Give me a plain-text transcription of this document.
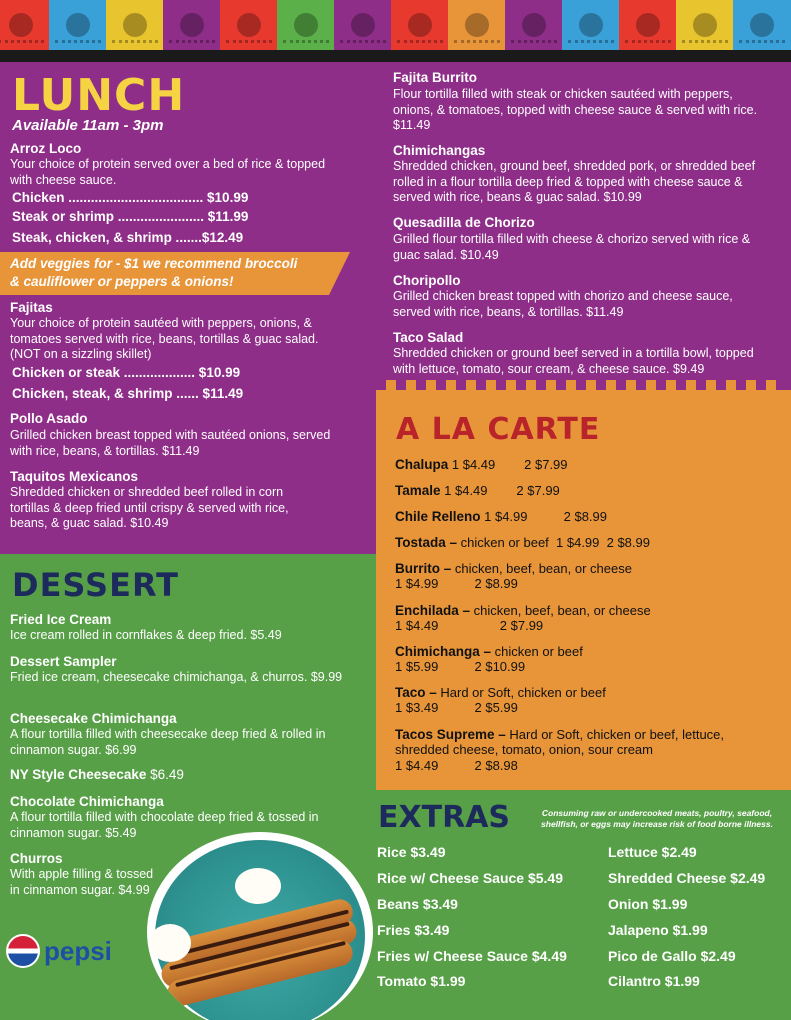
LUNCH
Available 11am - 3pm
Arroz Loco
Your choice of protein served over a bed of rice & topped with cheese sauce.
Chicken .................................... $10.99
Steak or shrimp ....................... $11.99
Steak, chicken, & shrimp .......$12.49
Add veggies for - $1 we recommend broccoli
& cauliflower or peppers & onions!
Fajitas
Your choice of protein sautéed with peppers, onions, & tomatoes served with rice, beans, tortillas & guac salad. (NOT on a sizzling skillet)
Chicken or steak ................... $10.99
Chicken, steak, & shrimp ...... $11.49
Pollo Asado
Grilled chicken breast topped with sautéed onions, served with rice, beans, & tortillas. $11.49
Taquitos Mexicanos
Shredded chicken or shredded beef rolled in corn tortillas & deep fried until crispy & served with rice, beans, & guac salad. $10.49
Fajita Burrito
Flour tortilla filled with steak or chicken sautéed with peppers, onions, & tomatoes, topped with cheese sauce & served with rice. $11.49
Chimichangas
Shredded chicken, ground beef, shredded pork, or shredded beef rolled in a flour tortilla deep fried & topped with cheese sauce & served with rice, beans & guac salad. $10.99
Quesadilla de Chorizo
Grilled flour tortilla filled with cheese & chorizo served with rice & guac salad. $10.49
Choripollo
Grilled chicken breast topped with chorizo and cheese sauce, served with rice, beans, & tortillas. $11.49
Taco Salad
Shredded chicken or ground beef served in a tortilla bowl, topped with lettuce, tomato, sour cream, & cheese sauce. $9.49
DESSERT
Fried Ice Cream
Ice cream rolled in cornflakes & deep fried. $5.49
Dessert Sampler
Fried ice cream, cheesecake chimichanga, & churros. $9.99
Cheesecake Chimichanga
A flour tortilla filled with cheesecake deep fried & rolled in cinnamon sugar. $6.99
NY Style Cheesecake $6.49
Chocolate Chimichanga
A flour tortilla filled with chocolate deep fried & tossed in cinnamon sugar. $5.49
Churros
With apple filling & tossed in cinnamon sugar. $4.99
pepsi
A LA CARTE
Chalupa 1 $4.49        2 $7.99
Tamale 1 $4.49        2 $7.99
Chile Relleno 1 $4.99          2 $8.99
Tostada – chicken or beef  1 $4.99  2 $8.99
Burrito – chicken, beef, bean, or cheese
1 $4.99          2 $8.99
Enchilada – chicken, beef, bean, or cheese
1 $4.49                 2 $7.99
Chimichanga – chicken or beef
1 $5.99          2 $10.99
Taco – Hard or Soft, chicken or beef
1 $3.49          2 $5.99
Tacos Supreme – Hard or Soft, chicken or beef, lettuce,
shredded cheese, tomato, onion, sour cream
1 $4.49          2 $8.98
EXTRAS	Consuming raw or undercooked meats, poultry, seafood, shellfish, or eggs may increase risk of food borne illness.
Rice $3.49
Rice w/ Cheese Sauce $5.49
Beans $3.49
Fries $3.49
Fries w/ Cheese Sauce $4.49
Tomato $1.99
Lettuce $2.49
Shredded Cheese $2.49
Onion $1.99
Jalapeno $1.99
Pico de Gallo $2.49
Cilantro $1.99
